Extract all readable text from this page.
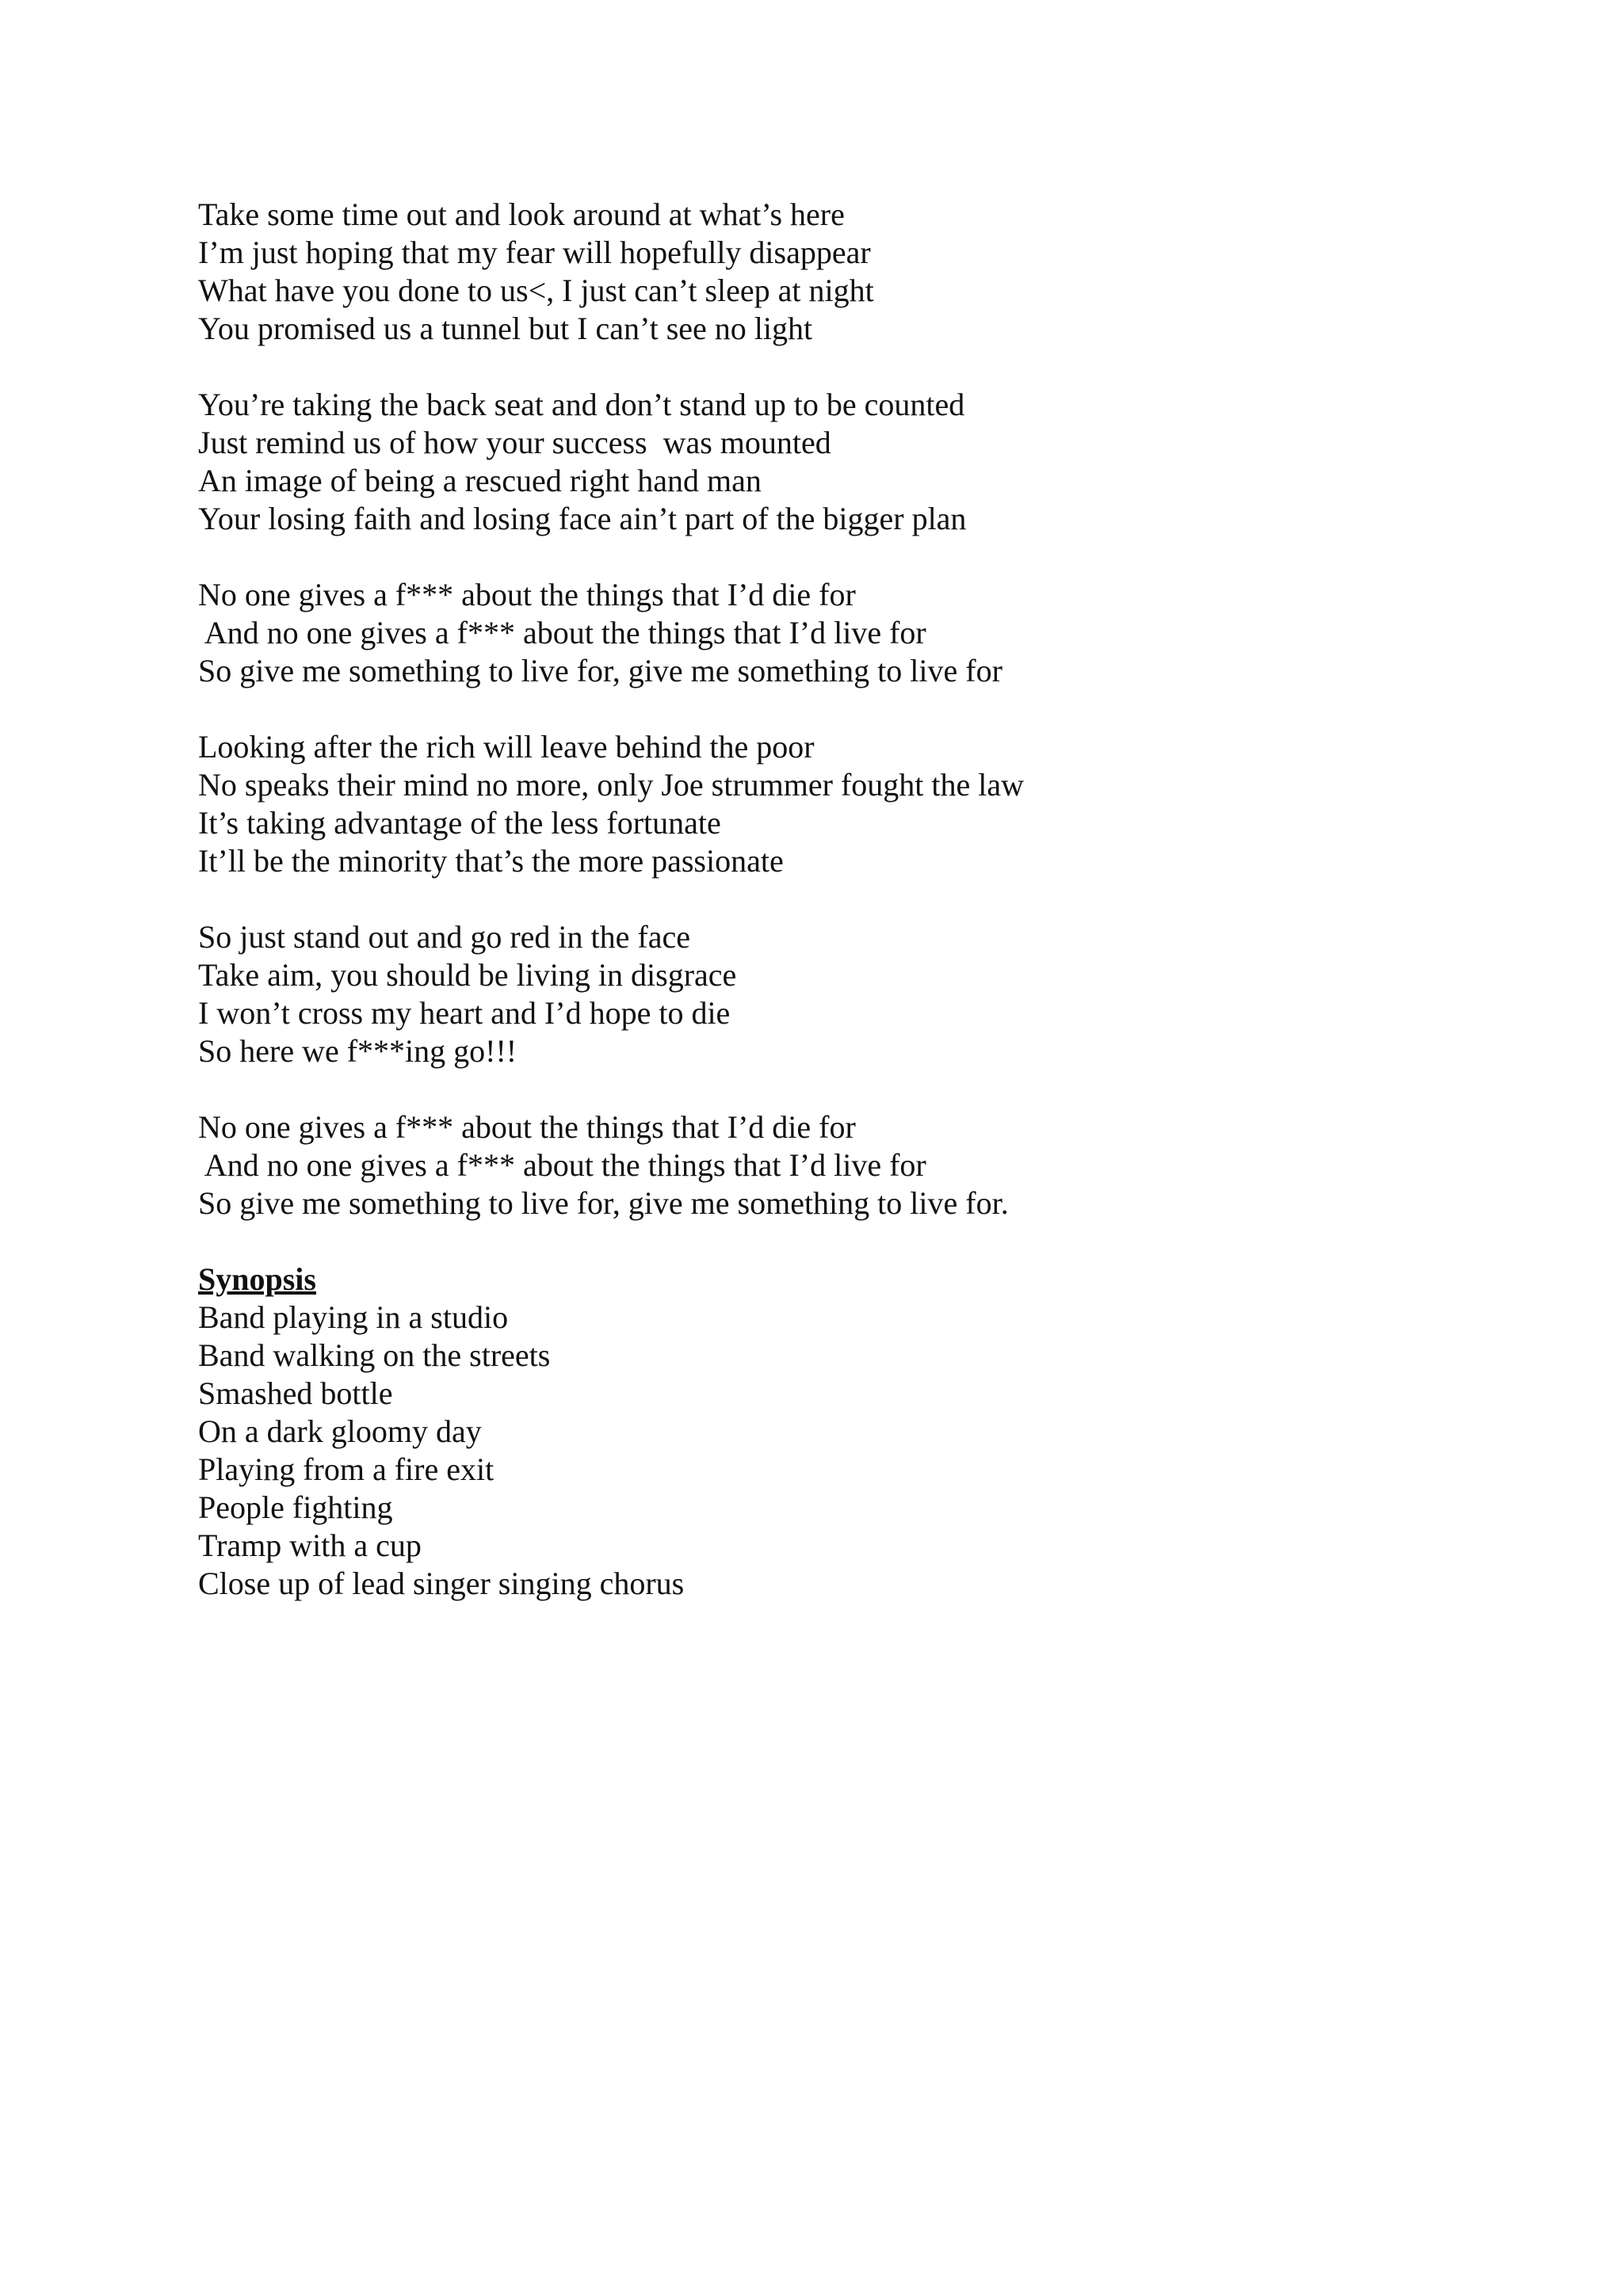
Take some time out and look around at what’s here
I’m just hoping that my fear will hopefully disappear
What have you done to us<, I just can’t sleep at night
You promised us a tunnel but I can’t see no light
You’re taking the back seat and don’t stand up to be counted
Just remind us of how your success  was mounted
An image of being a rescued right hand man
Your losing faith and losing face ain’t part of the bigger plan
No one gives a f*** about the things that I’d die for
And no one gives a f*** about the things that I’d live for
So give me something to live for, give me something to live for
Looking after the rich will leave behind the poor
No speaks their mind no more, only Joe strummer fought the law
It’s taking advantage of the less fortunate
It’ll be the minority that’s the more passionate
So just stand out and go red in the face
Take aim, you should be living in disgrace
I won’t cross my heart and I’d hope to die
So here we f***ing go!!!
No one gives a f*** about the things that I’d die for
And no one gives a f*** about the things that I’d live for
So give me something to live for, give me something to live for.
Synopsis
Band playing in a studio
Band walking on the streets
Smashed bottle
On a dark gloomy day
Playing from a fire exit
People fighting
Tramp with a cup
Close up of lead singer singing chorus
